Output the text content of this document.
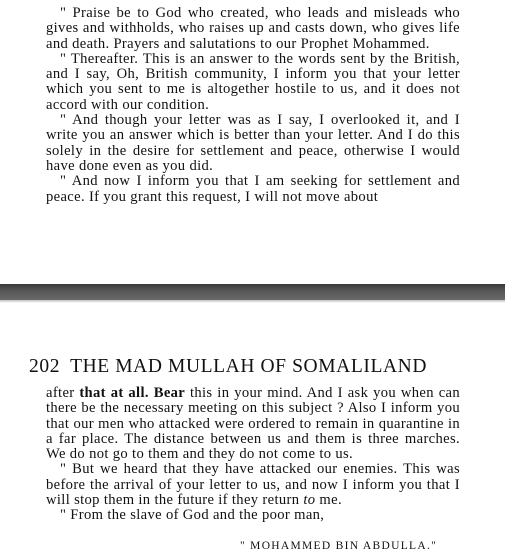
" Praise be to God who created, who leads and misleads who gives and withholds, who raises up and casts down, who gives life and death. Prayers and salutations to our Prophet Mohammed.

" Thereafter. This is an answer to the words sent by the British, and I say, Oh, British community, I inform you that your letter which you sent to me is altogether hostile to us, and it does not accord with our condition.

" And though your letter was as I say, I overlooked it, and I write you an answer which is better than your letter. And I do this solely in the desire for settlement and peace, otherwise I would have done even as you did.

" And now I inform you that I am seeking for settlement and peace. If you grant this request, I will not move about

202 THE MAD MULLAH OF SOMALILAND

after that at all. Bear this in your mind. And I ask you when can there be the necessary meeting on this subject ? Also I inform you that our men who attacked were ordered to remain in quarantine in a far place. The distance between us and them is three marches. We do not go to them and they do not come to us.

" But we heard that they have attacked our enemies. This was before the arrival of your letter to us, and now I inform you that I will stop them in the future if they return to me.

" From the slave of God and the poor man,

" MOHAMMED BIN ABDULLA."
